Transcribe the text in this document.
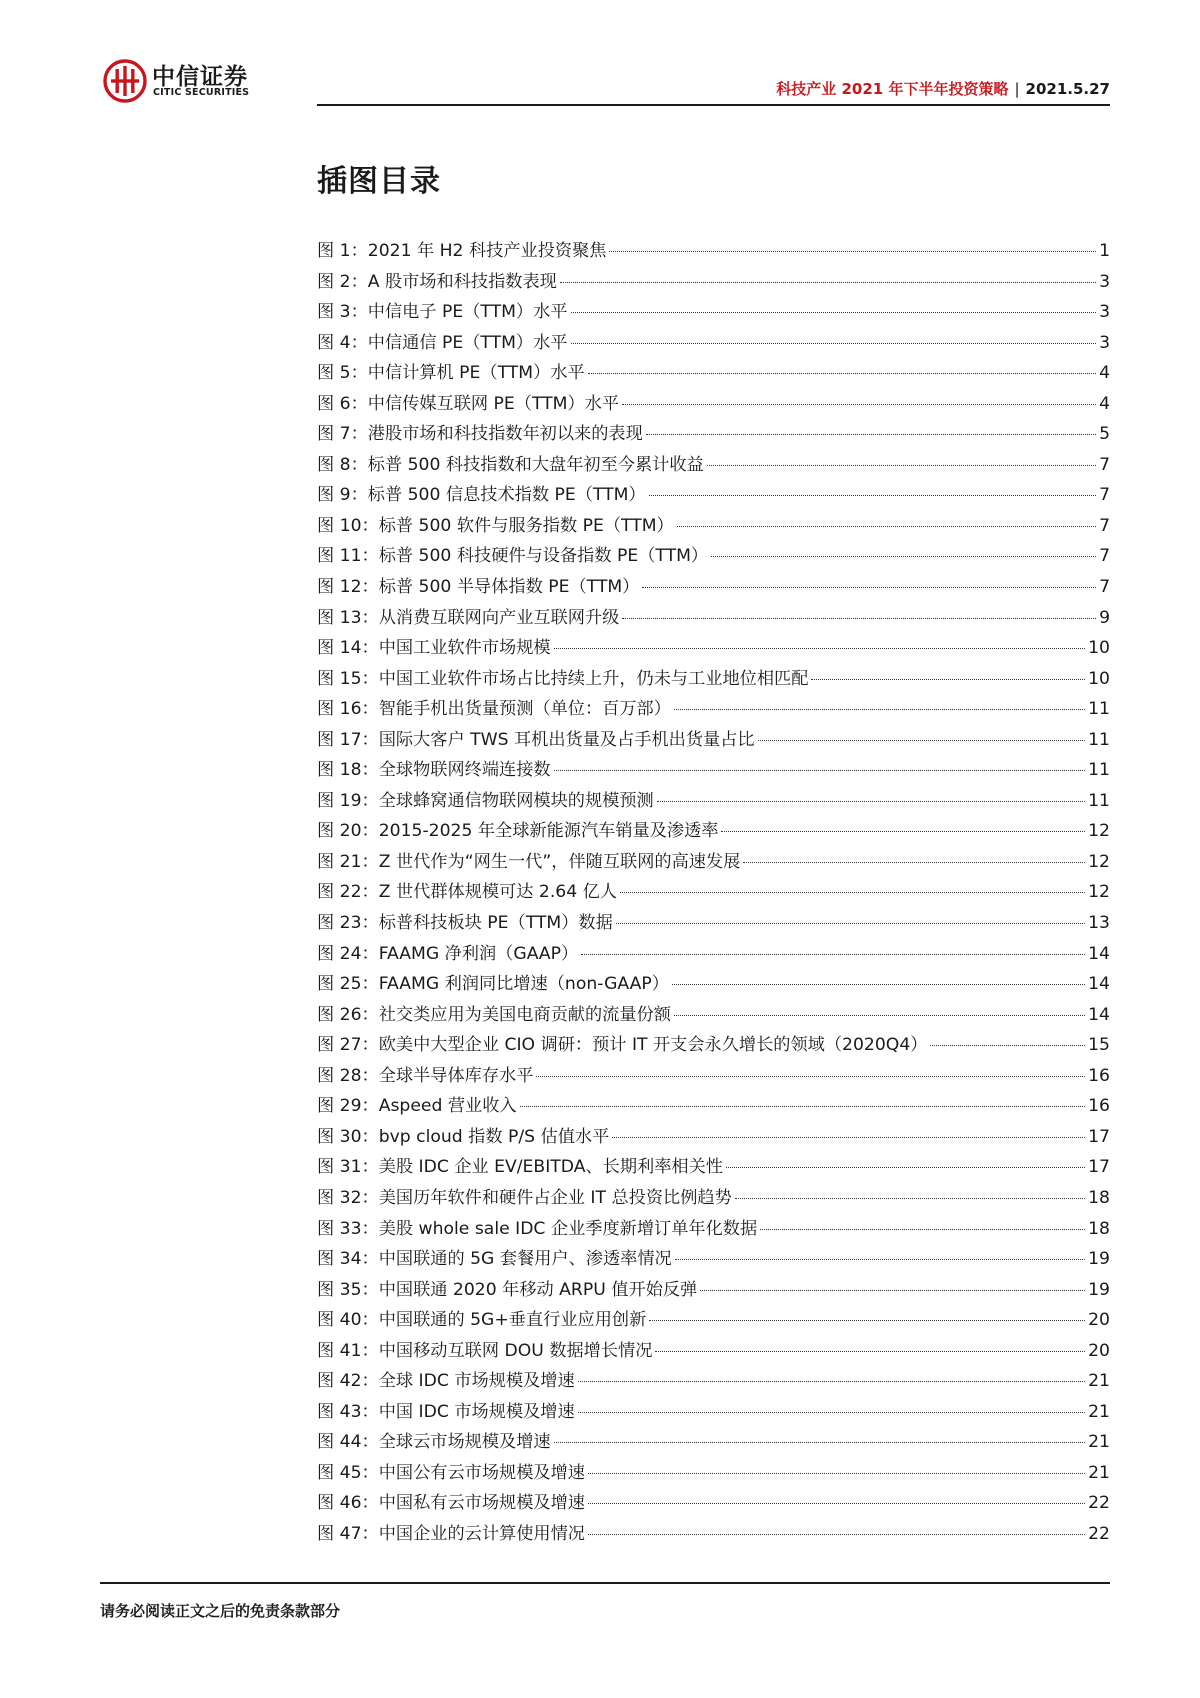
中信证券
CITIC SECURITIES	科技产业 2021 年下半年投资策略 | 2021.5.27
插图目录
图 1：2021 年 H2 科技产业投资聚焦	1
图 2：A 股市场和科技指数表现	3
图 3：中信电子 PE（TTM）水平	3
图 4：中信通信 PE（TTM）水平	3
图 5：中信计算机 PE（TTM）水平	4
图 6：中信传媒互联网 PE（TTM）水平	4
图 7：港股市场和科技指数年初以来的表现	5
图 8：标普 500 科技指数和大盘年初至今累计收益	7
图 9：标普 500 信息技术指数 PE（TTM）	7
图 10：标普 500 软件与服务指数 PE（TTM）	7
图 11：标普 500 科技硬件与设备指数 PE（TTM）	7
图 12：标普 500 半导体指数 PE（TTM）	7
图 13：从消费互联网向产业互联网升级	9
图 14：中国工业软件市场规模	10
图 15：中国工业软件市场占比持续上升，仍未与工业地位相匹配	10
图 16：智能手机出货量预测（单位：百万部）	11
图 17：国际大客户 TWS 耳机出货量及占手机出货量占比	11
图 18：全球物联网终端连接数	11
图 19：全球蜂窝通信物联网模块的规模预测	11
图 20：2015-2025 年全球新能源汽车销量及渗透率	12
图 21：Z 世代作为“网生一代”，伴随互联网的高速发展	12
图 22：Z 世代群体规模可达 2.64 亿人	12
图 23：标普科技板块 PE（TTM）数据	13
图 24：FAAMG 净利润（GAAP）	14
图 25：FAAMG 利润同比增速（non-GAAP）	14
图 26：社交类应用为美国电商贡献的流量份额	14
图 27：欧美中大型企业 CIO 调研：预计 IT 开支会永久增长的领域（2020Q4）	15
图 28：全球半导体库存水平	16
图 29：Aspeed 营业收入	16
图 30：bvp cloud 指数 P/S 估值水平	17
图 31：美股 IDC 企业 EV/EBITDA、长期利率相关性	17
图 32：美国历年软件和硬件占企业 IT 总投资比例趋势	18
图 33：美股 whole sale IDC 企业季度新增订单年化数据	18
图 34：中国联通的 5G 套餐用户、渗透率情况	19
图 35：中国联通 2020 年移动 ARPU 值开始反弹	19
图 40：中国联通的 5G+垂直行业应用创新	20
图 41：中国移动互联网 DOU 数据增长情况	20
图 42：全球 IDC 市场规模及增速	21
图 43：中国 IDC 市场规模及增速	21
图 44：全球云市场规模及增速	21
图 45：中国公有云市场规模及增速	21
图 46：中国私有云市场规模及增速	22
图 47：中国企业的云计算使用情况	22
请务必阅读正文之后的免责条款部分
